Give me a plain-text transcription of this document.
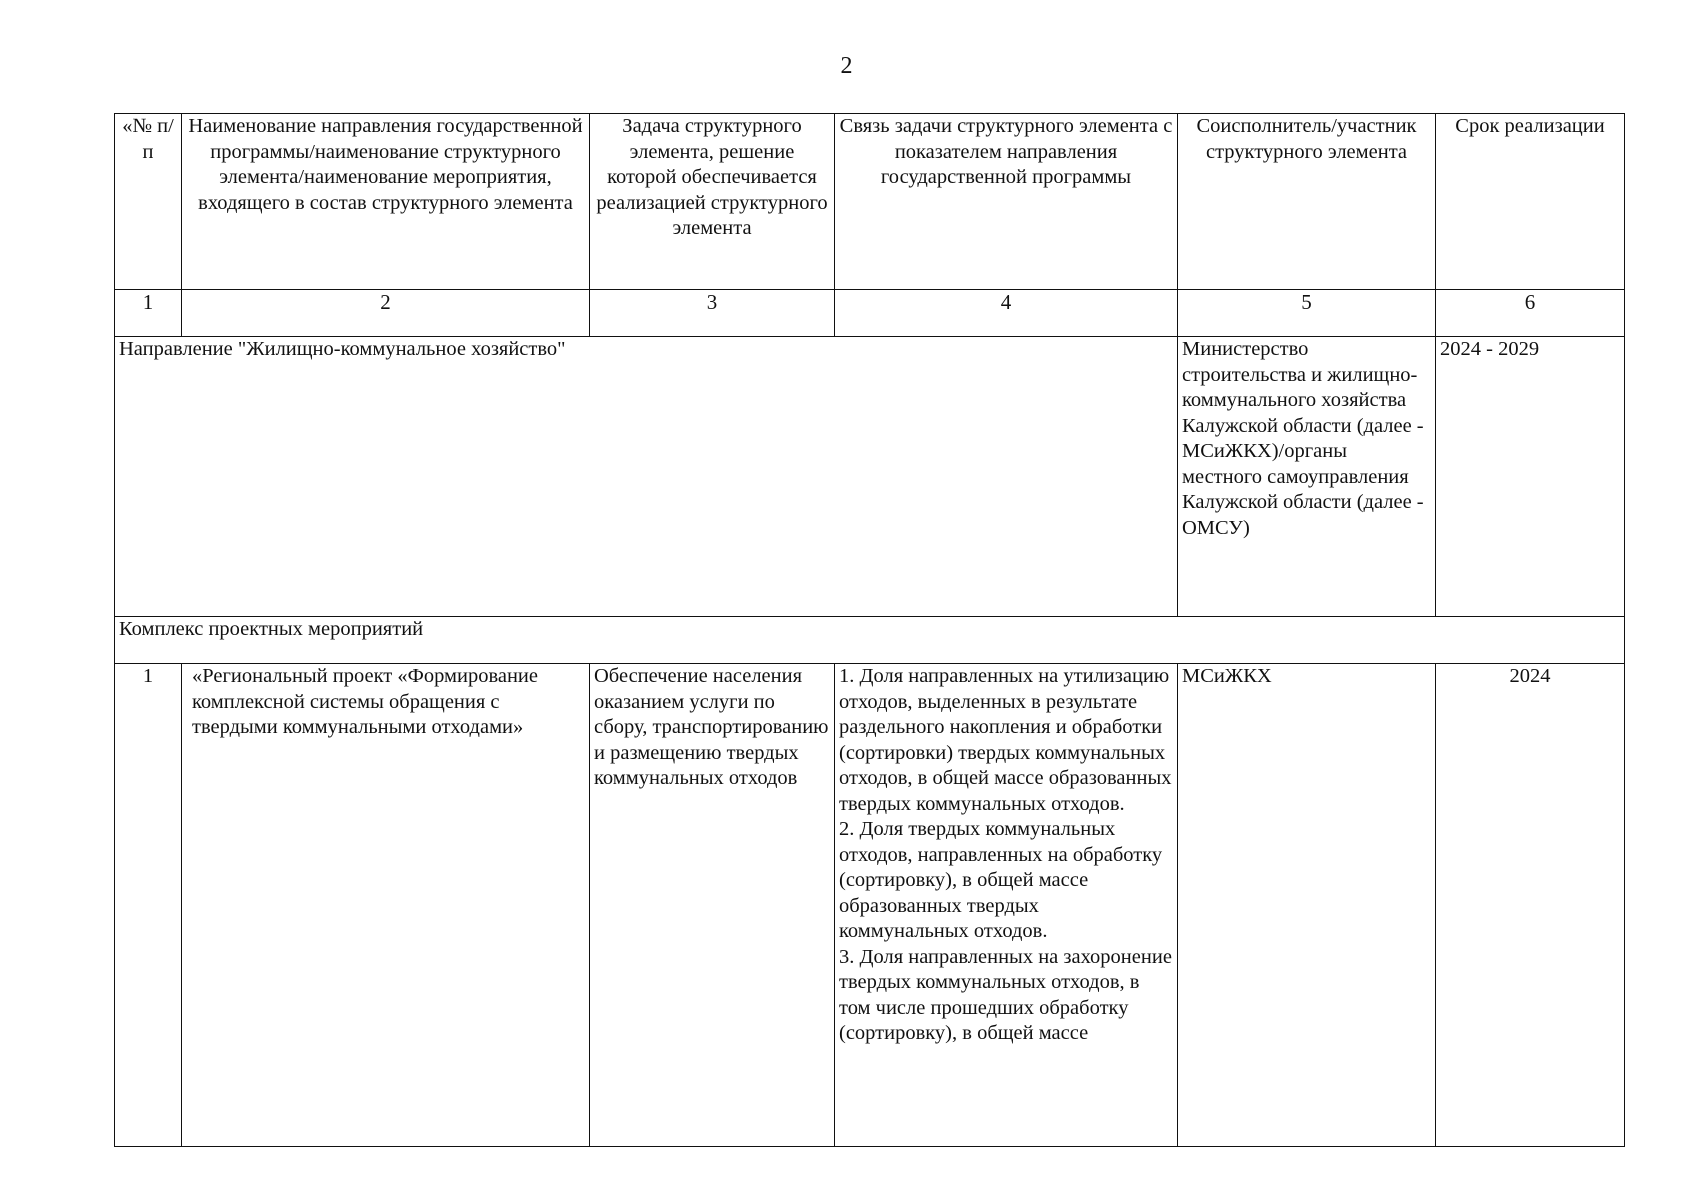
2
«№ п/п	Наименование направления государственной программы/наименование структурного элемента/наименование мероприятия, входящего в состав структурного элемента	Задача структурного элемента, решение которой обеспечивается реализацией структурного элемента	Связь задачи структурного элемента с показателем направления государственной программы	Соисполнитель/участник структурного элемента	Срок реализации
1	2	3	4	5	6
Направление "Жилищно-коммунальное хозяйство"				Министерство строительства и жилищно-коммунального хозяйства Калужской области (далее - МСиЖКХ)/органы местного самоуправления Калужской области (далее - ОМСУ)	2024 - 2029
Комплекс проектных мероприятий					
1	«Региональный проект «Формирование комплексной системы обращения с твердыми коммунальными отходами»	Обеспечение населения оказанием услуги по сбору, транспортированию и размещению твердых коммунальных отходов	1. Доля направленных на утилизацию отходов, выделенных в результате раздельного накопления и обработки (сортировки) твердых коммунальных отходов, в общей массе образованных твердых коммунальных отходов.
2. Доля твердых коммунальных отходов, направленных на обработку (сортировку), в общей массе образованных твердых коммунальных отходов.
3. Доля направленных на захоронение твердых коммунальных отходов, в том числе прошедших обработку (сортировку), в общей массе	МСиЖКХ	2024
